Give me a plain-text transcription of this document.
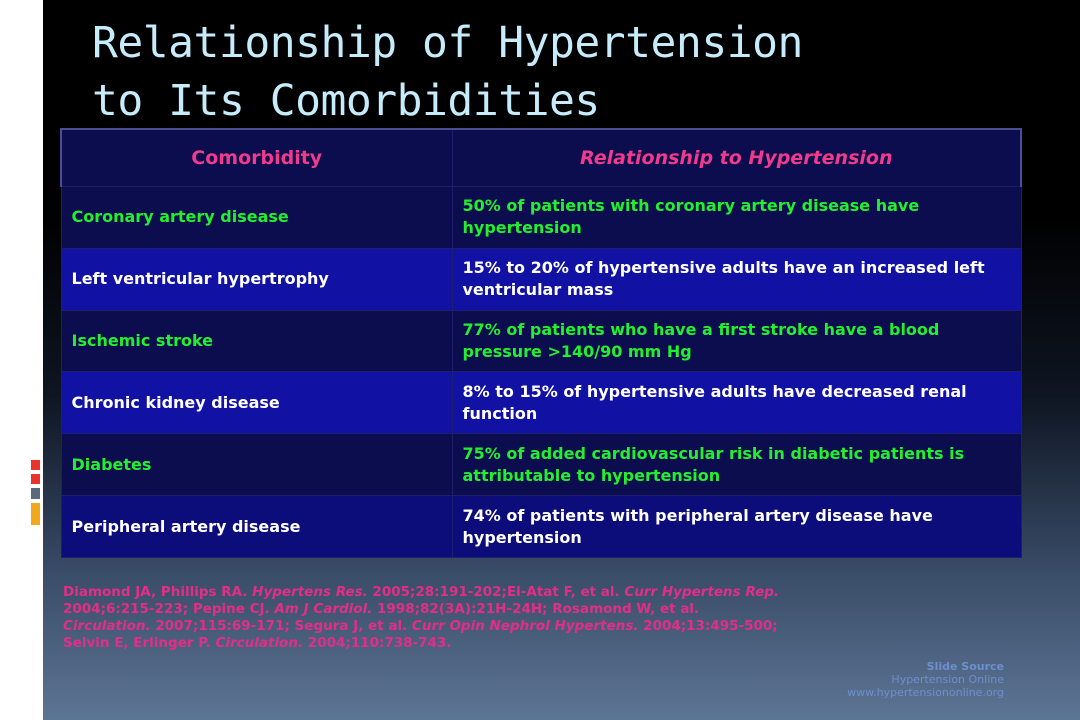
Relationship of Hypertension
to Its Comorbidities
Comorbidity	Relationship to Hypertension
Coronary artery disease	50% of patients with coronary artery disease have hypertension
Left ventricular hypertrophy	15% to 20% of hypertensive adults have an increased left ventricular mass
Ischemic stroke	77% of patients who have a first stroke have a blood pressure >140/90 mm Hg
Chronic kidney disease	8% to 15% of hypertensive adults have decreased renal function
Diabetes	75% of added cardiovascular risk in diabetic patients is attributable to hypertension
Peripheral artery disease	74% of patients with peripheral artery disease have hypertension
Diamond JA, Phillips RA. Hypertens Res. 2005;28:191-202;El-Atat F, et al. Curr Hypertens Rep. 2004;6:215-223; Pepine CJ. Am J Cardiol. 1998;82(3A):21H-24H; Rosamond W, et al. Circulation. 2007;115:69-171; Segura J, et al. Curr Opin Nephrol Hypertens. 2004;13:495-500; Selvin E, Erlinger P. Circulation. 2004;110:738-743.
Slide Source
Hypertension Online
www.hypertensiononline.org
